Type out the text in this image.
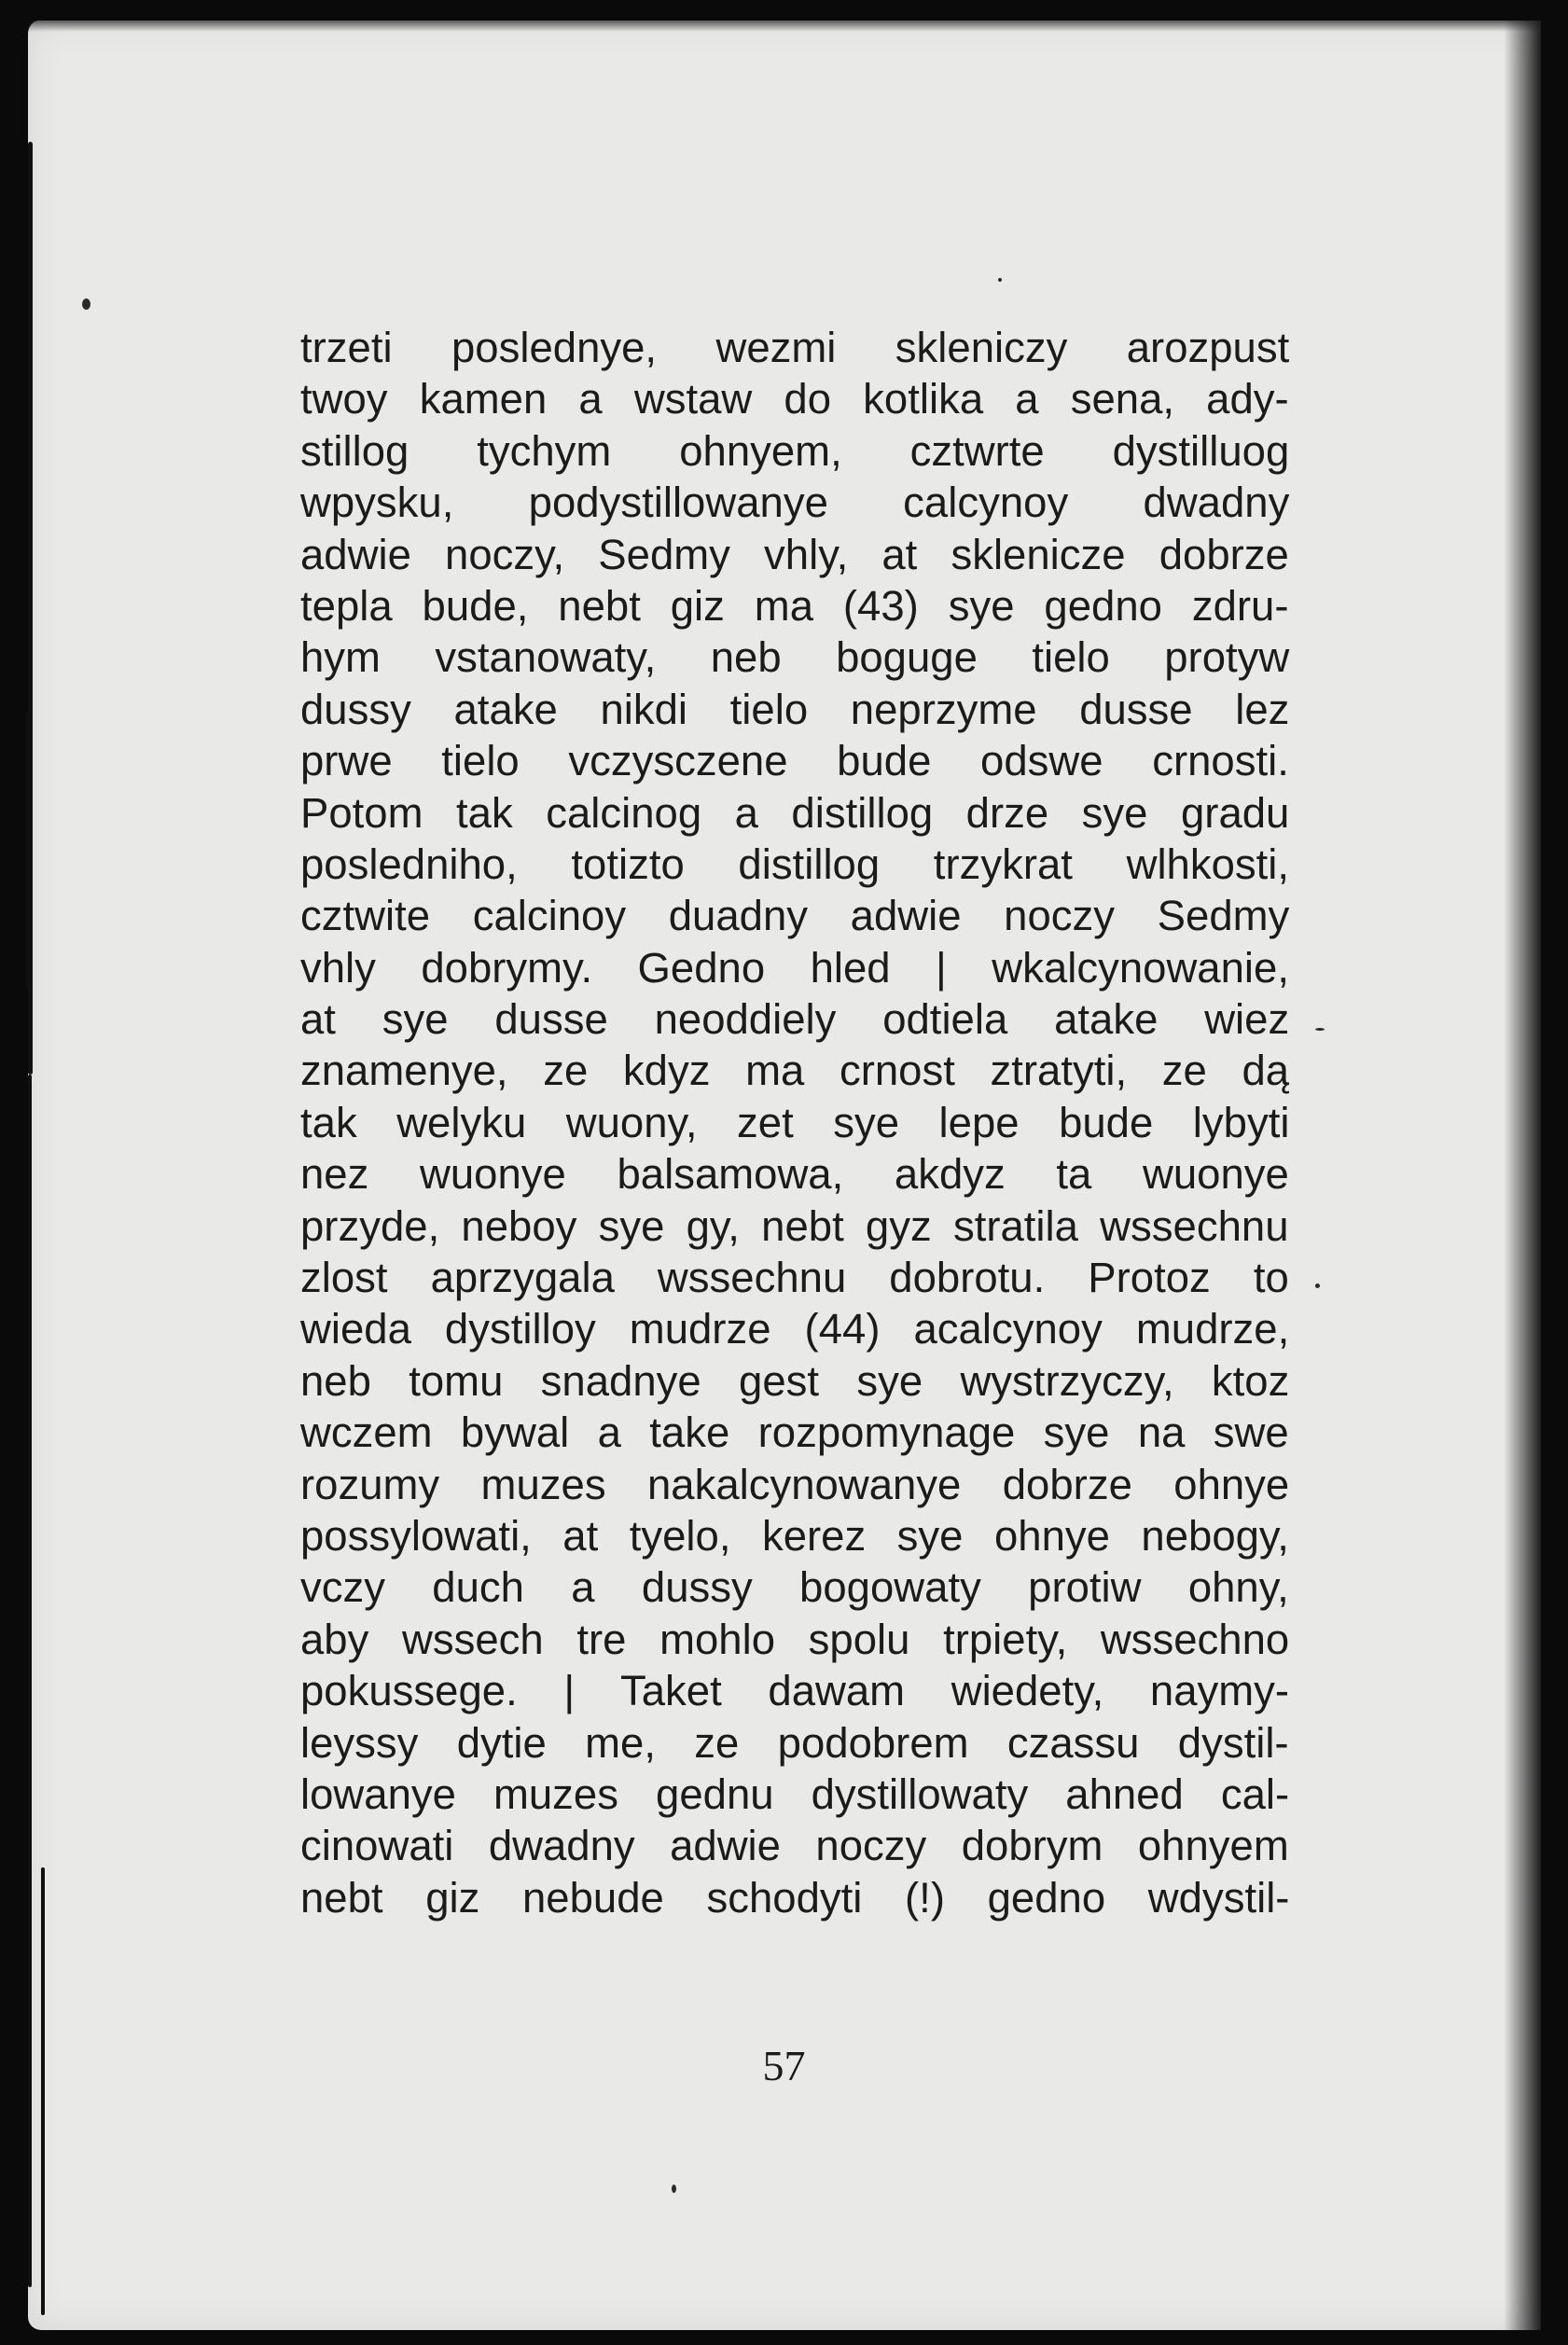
trzeti poslednye, wezmi skleniczy arozpust
twoy kamen a wstaw do kotlika a sena, ady-
stillog tychym ohnyem, cztwrte dystilluog
wpysku, podystillowanye calcynoy dwadny
adwie noczy, Sedmy vhly, at sklenicze dobrze
tepla bude, nebt giz ma (43) sye gedno zdru-
hym vstanowaty, neb boguge tielo protyw
dussy atake nikdi tielo neprzyme dusse lez
prwe tielo vczysczene bude odswe crnosti.
Potom tak calcinog a distillog drze sye gradu
posledniho, totizto distillog trzykrat wlhkosti,
cztwite calcinoy duadny adwie noczy Sedmy
vhly dobrymy. Gedno hled | wkalcynowanie,
at sye dusse neoddiely odtiela atake wiez
znamenye, ze kdyz ma crnost ztratyti, ze dą
tak welyku wuony, zet sye lepe bude lybyti
nez wuonye balsamowa, akdyz ta wuonye
przyde, neboy sye gy, nebt gyz stratila wssechnu
zlost aprzygala wssechnu dobrotu. Protoz to
wieda dystilloy mudrze (44) acalcynoy mudrze,
neb tomu snadnye gest sye wystrzyczy, ktoz
wczem bywal a take rozpomynage sye na swe
rozumy muzes nakalcynowanye dobrze ohnye
possylowati, at tyelo, kerez sye ohnye nebogy,
vczy duch a dussy bogowaty protiw ohny,
aby wssech tre mohlo spolu trpiety, wssechno
pokussege. | Taket dawam wiedety, naymy-
leyssy dytie me, ze podobrem czassu dystil-
lowanye muzes gednu dystillowaty ahned cal-
cinowati dwadny adwie noczy dobrym ohnyem
nebt giz nebude schodyti (!) gedno wdystil-
57
